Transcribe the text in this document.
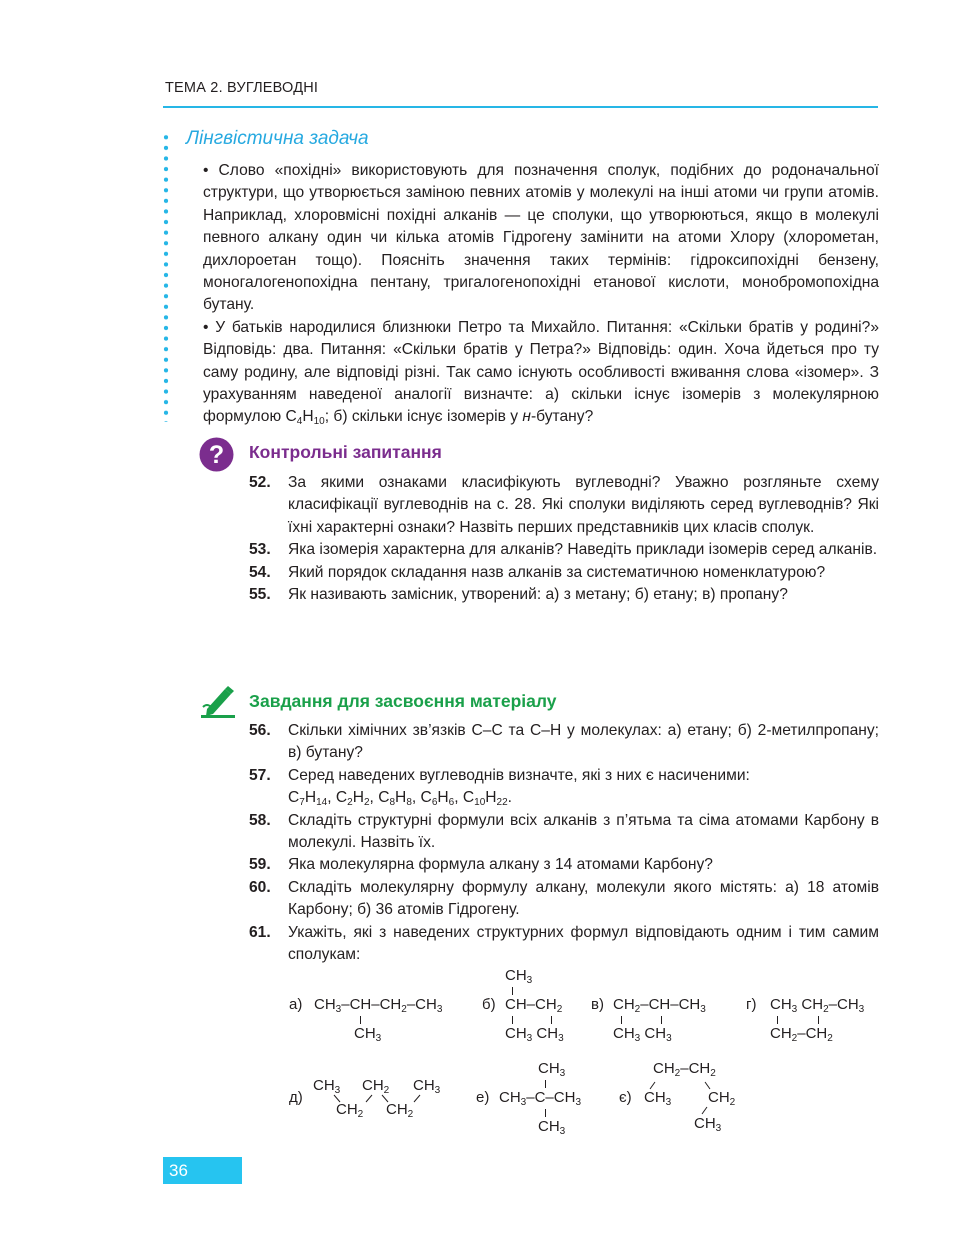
ТЕМА 2. ВУГЛЕВОДНІ
Лінгвістична задача

• Слово «похідні» використовують для позначення сполук, подібних до родоначальної структури, що утворюється заміною певних атомів у молекулі на інші атоми чи групи атомів. Наприклад, хлоровмісні похідні алканів — це сполуки, що утворюються, якщо в молекулі певного алкану один чи кілька атомів Гідрогену замінити на атоми Хлору (хлорометан, дихлороетан тощо). Поясніть значення таких термінів: гідроксипохідні бензену, моногалогенопохідна пентану, тригалогенопохідні етанової кислоти, монобромопохідна бутану.

• У батьків народилися близнюки Петро та Михайло. Питання: «Скільки братів у родині?» Відповідь: два. Питання: «Скільки братів у Петра?» Відповідь: один. Хоча йдеться про ту саму родину, але відповіді різні. Так само існують особливості вживання слова «ізомер». З урахуванням наведеної аналогії визначте: а) скільки існує ізомерів з молекулярною формулою $C_4H_{10}$; б) скільки існує ізомерів у н-бутану?

? Контрольні запитання
52.	За якими ознаками класифікують вуглеводні? Уважно розгляньте схему класифікації вуглеводнів на с. 28. Які сполуки виділяють серед вуглеводнів? Які їхні характерні ознаки? Назвіть перших представників цих класів сполук.
53.	Яка ізомерія характерна для алканів? Наведіть приклади ізомерів серед алканів.
54.	Який порядок складання назв алканів за систематичною номенклатурою?
55.	Як називають замісник, утворений: а) з метану; б) етану; в) пропану?
Завдання для засвоєння матеріалу
56.	Скільки хімічних зв’язків C–C та C–H у молекулах: а) етану; б) 2-метилпропану; в) бутану?
57.	Серед наведених вуглеводнів визначте, які з них є насиченими:
$C_7H_{14}$, $C_2H_2$, $C_8H_8$, $C_6H_6$, $C_{10}H_{22}$.
58.	Складіть структурні формули всіх алканів з п’ятьма та сіма атомами Карбону в молекулі. Назвіть їх.
59.	Яка молекулярна формула алкану з 14 атомами Карбону?
60.	Складіть молекулярну формулу алкану, молекули якого містять: а) 18 атомів Карбону; б) 36 атомів Гідрогену.
61.	Укажіть, які з наведених структурних формул відповідають одним і тим самим сполукам:
а) $CH_3-CH-CH_2-CH_3$
$CH_3$
б)
$CH_3$
$CH-CH_2$
$CH_3$ $CH_3$
в) $CH_2-CH-CH_3$
$CH_3$ $CH_3$
г) $CH_3$ $CH_2-CH_3$
$CH_2-CH_2$
д)
$CH_3$ $CH_2$ $CH_3$
$CH_2$ $CH_2$
е)
$CH_3$
$CH_3-C-CH_3$
$CH_3$
є)
$CH_2-CH_2$
$CH_3$ $CH_2$
$CH_3$
36
